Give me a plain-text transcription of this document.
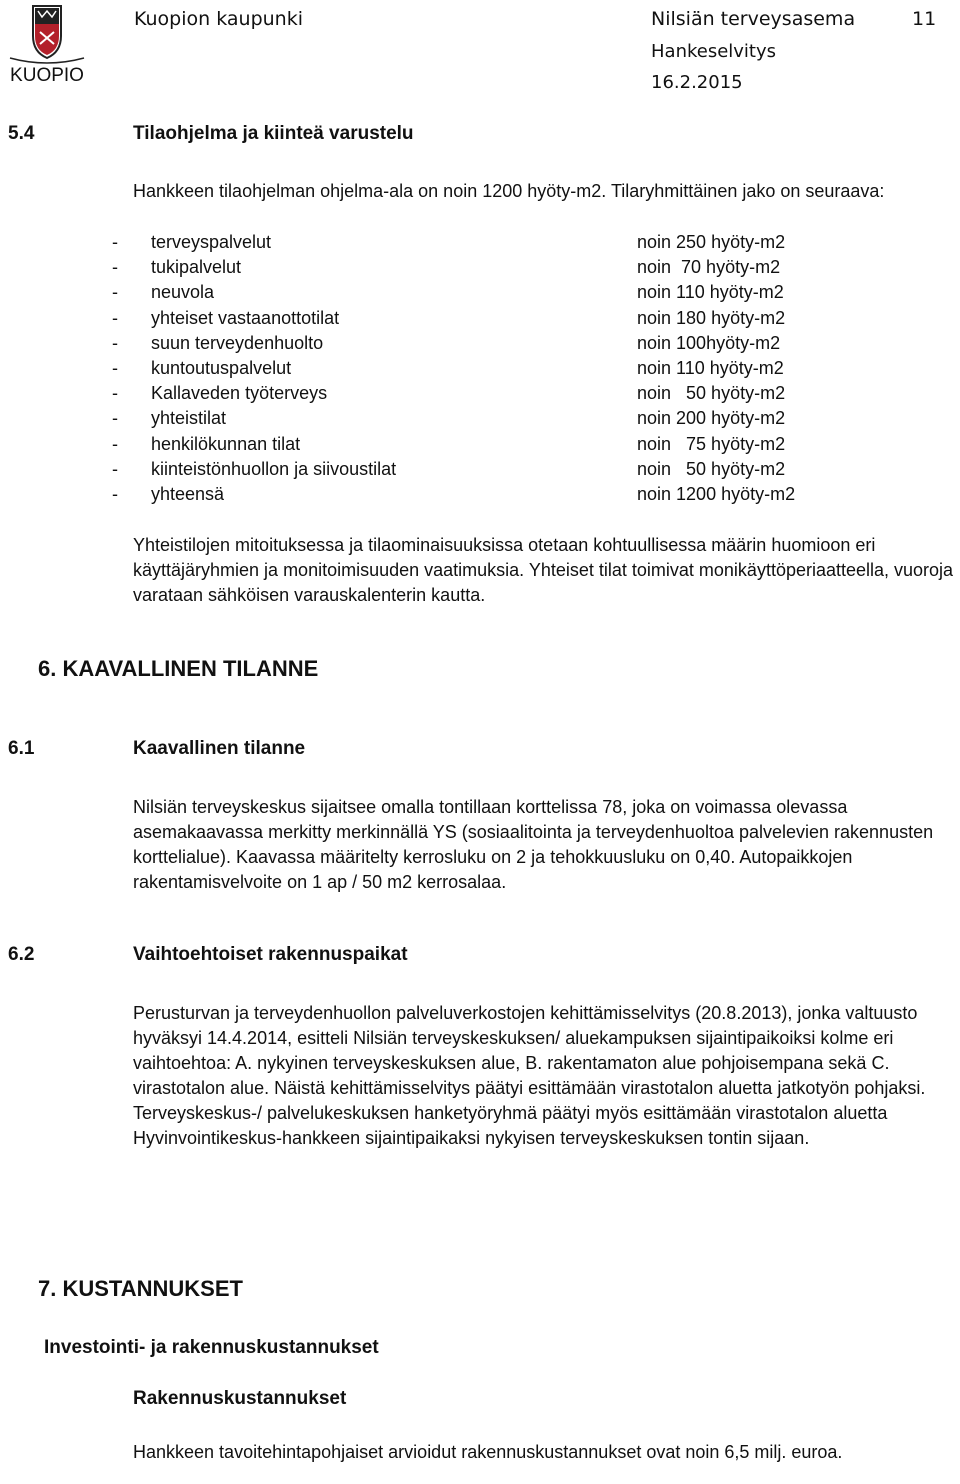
KUOPIO
Kuopion kaupunki	Nilsiän terveysasema	11
Hankeselvitys
16.2.2015
5.4	Tilaohjelma ja kiinteä varustelu
Hankkeen tilaohjelman ohjelma-ala on noin 1200 hyöty-m2. Tilaryhmittäinen jako on seuraava:
- terveyspalvelut	noin 250 hyöty-m2
- tukipalvelut	noin  70 hyöty-m2
- neuvola	noin 110 hyöty-m2
- yhteiset vastaanottotilat	noin 180 hyöty-m2
- suun terveydenhuolto	noin 100hyöty-m2
- kuntoutuspalvelut	noin 110 hyöty-m2
- Kallaveden työterveys	noin   50 hyöty-m2
- yhteistilat	noin 200 hyöty-m2
- henkilökunnan tilat	noin   75 hyöty-m2
- kiinteistönhuollon ja siivoustilat	noin   50 hyöty-m2
- yhteensä	noin 1200 hyöty-m2
Yhteistilojen mitoituksessa ja tilaominaisuuksissa otetaan kohtuullisessa määrin huomioon eri käyttäjäryhmien ja monitoimisuuden vaatimuksia. Yhteiset tilat toimivat monikäyttöperiaatteella, vuoroja varataan sähköisen varauskalenterin kautta.
6. KAAVALLINEN TILANNE
6.1	Kaavallinen tilanne
Nilsiän terveyskeskus sijaitsee omalla tontillaan korttelissa 78, joka on voimassa olevassa asemakaavassa merkitty merkinnällä YS (sosiaalitointa ja terveydenhuoltoa palvelevien rakennusten korttelialue). Kaavassa määritelty kerrosluku on 2 ja tehokkuusluku on 0,40. Autopaikkojen rakentamisvelvoite on 1 ap / 50 m2 kerrosalaa.
6.2	Vaihtoehtoiset rakennuspaikat
Perusturvan ja terveydenhuollon palveluverkostojen kehittämisselvitys (20.8.2013), jonka valtuusto hyväksyi 14.4.2014, esitteli Nilsiän terveyskeskuksen/ aluekampuksen sijaintipaikoiksi kolme eri vaihtoehtoa: A. nykyinen terveyskeskuksen alue, B. rakentamaton alue pohjoisempana sekä C. virastotalon alue. Näistä kehittämisselvitys päätyi esittämään virastotalon aluetta jatkotyön pohjaksi. Terveyskeskus-/ palvelukeskuksen hanketyöryhmä päätyi myös esittämään virastotalon aluetta Hyvinvointikeskus-hankkeen sijaintipaikaksi nykyisen terveyskeskuksen tontin sijaan.
7. KUSTANNUKSET
Investointi- ja rakennuskustannukset
Rakennuskustannukset
Hankkeen tavoitehintapohjaiset arvioidut rakennuskustannukset ovat noin 6,5 milj. euroa.
